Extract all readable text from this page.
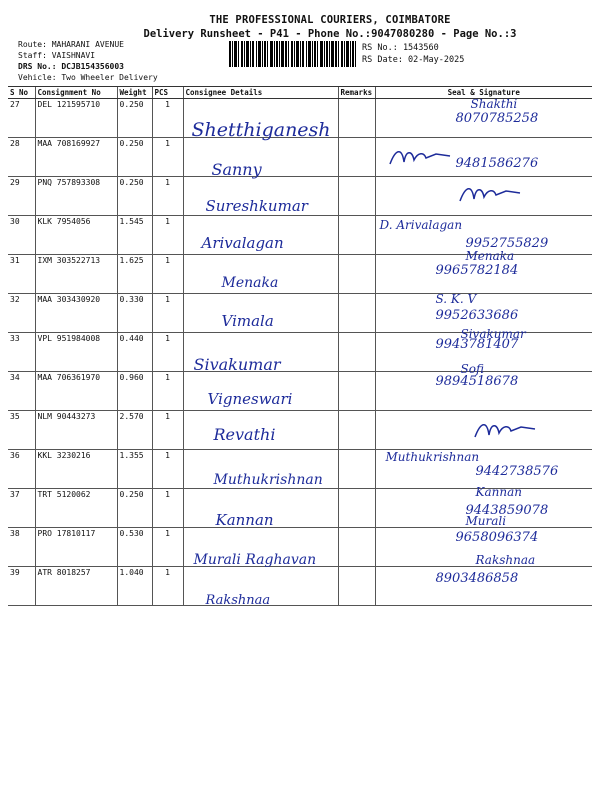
THE PROFESSIONAL COURIERS, COIMBATORE
Delivery Runsheet - P41 - Phone No.:9047080280 - Page No.:3
Route: MAHARANI AVENUE
Staff: VAISHNAVI
DRS No.: DCJB154356003
Vehicle: Two Wheeler Delivery
RS No.: 1543560
RS Date: 02-May-2025
S No	Consignment No	Weight	PCS	Consignee Details	Remarks	Seal & Signature
27	DEL 121595710	0.250	1	Shetthiganesh		Shakthi
8070785258

28	MAA 708169927	0.250	1	Sanny		9481586276

29	PNQ 757893308	0.250	1	Sureshkumar

30	KLK 7954056	1.545	1	Arivalagan		D. Arivalagan
9952755829

31	IXM 303522713	1.625	1	Menaka		Menaka
9965782184

32	MAA 303430920	0.330	1	Vimala		S. K. V
9952633686

33	VPL 951984008	0.440	1	Sivakumar		Sivakumar
9943781407

34	MAA 706361970	0.960	1	Vigneswari		Sofi
9894518678

35	NLM 90443273	2.570	1	Revathi

36	KKL 3230216	1.355	1	Muthukrishnan		Muthukrishnan
9442738576

37	TRT 5120062	0.250	1	Kannan		Kannan
9443859078

38	PRO 17810117	0.530	1	Murali Raghavan		Murali
9658096374

39	ATR 8018257	1.040	1	Rakshnaa		Rakshnaa
8903486858
